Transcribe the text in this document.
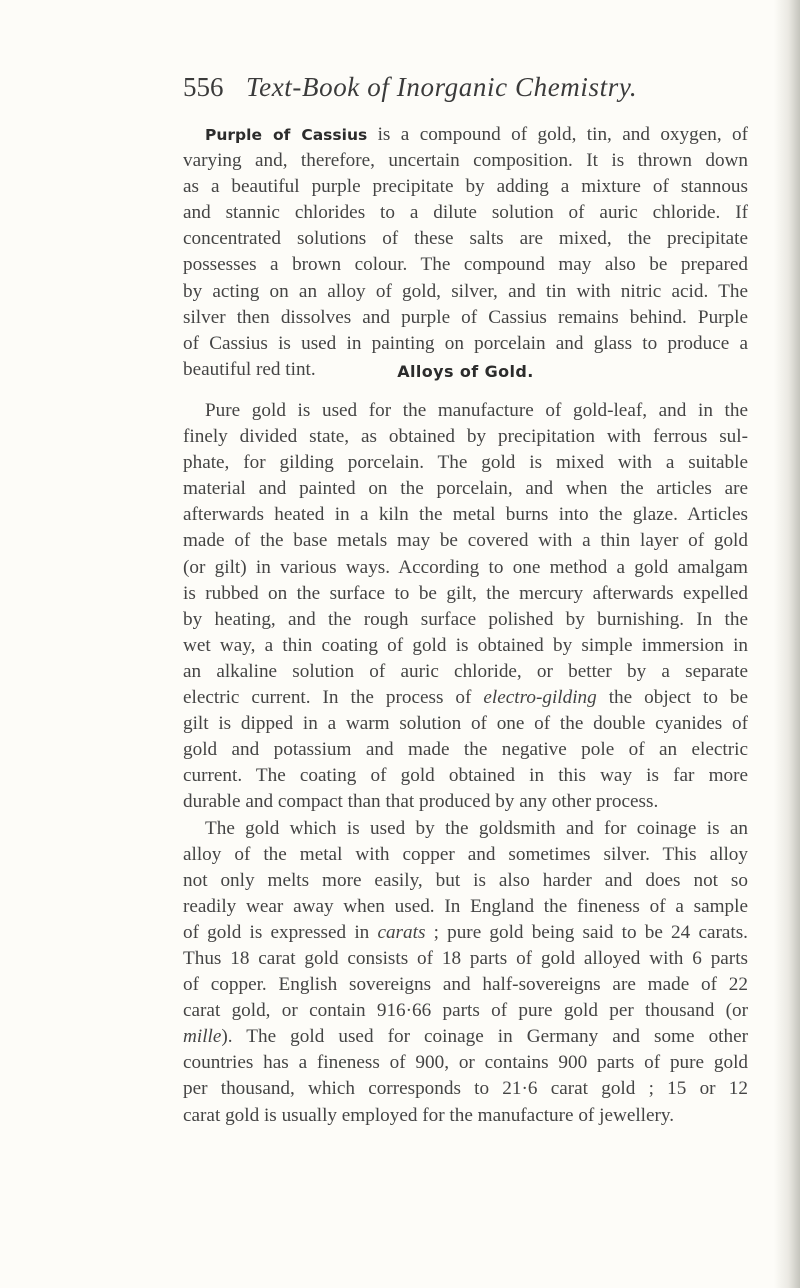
556 Text-Book of Inorganic Chemistry.
Purple of Cassius is a compound of gold, tin, and oxygen, of
varying and, therefore, uncertain composition. It is thrown down
as a beautiful purple precipitate by adding a mixture of stannous
and stannic chlorides to a dilute solution of auric chloride. If
concentrated solutions of these salts are mixed, the precipitate
possesses a brown colour. The compound may also be prepared
by acting on an alloy of gold, silver, and tin with nitric acid. The
silver then dissolves and purple of Cassius remains behind. Purple
of Cassius is used in painting on porcelain and glass to produce a
beautiful red tint.	Alloys of Gold.
Pure gold is used for the manufacture of gold-leaf, and in the
finely divided state, as obtained by precipitation with ferrous sul-
phate, for gilding porcelain. The gold is mixed with a suitable
material and painted on the porcelain, and when the articles are
afterwards heated in a kiln the metal burns into the glaze. Articles
made of the base metals may be covered with a thin layer of gold
(or gilt) in various ways. According to one method a gold amalgam
is rubbed on the surface to be gilt, the mercury afterwards expelled
by heating, and the rough surface polished by burnishing. In the
wet way, a thin coating of gold is obtained by simple immersion in
an alkaline solution of auric chloride, or better by a separate
electric current. In the process of electro-gilding the object to be
gilt is dipped in a warm solution of one of the double cyanides of
gold and potassium and made the negative pole of an electric
current. The coating of gold obtained in this way is far more
durable and compact than that produced by any other process.
The gold which is used by the goldsmith and for coinage is an
alloy of the metal with copper and sometimes silver. This alloy
not only melts more easily, but is also harder and does not so
readily wear away when used. In England the fineness of a sample
of gold is expressed in carats ; pure gold being said to be 24 carats.
Thus 18 carat gold consists of 18 parts of gold alloyed with 6 parts
of copper. English sovereigns and half-sovereigns are made of 22
carat gold, or contain 916·66 parts of pure gold per thousand (or
mille). The gold used for coinage in Germany and some other
countries has a fineness of 900, or contains 900 parts of pure gold
per thousand, which corresponds to 21·6 carat gold ; 15 or 12
carat gold is usually employed for the manufacture of jewellery.
